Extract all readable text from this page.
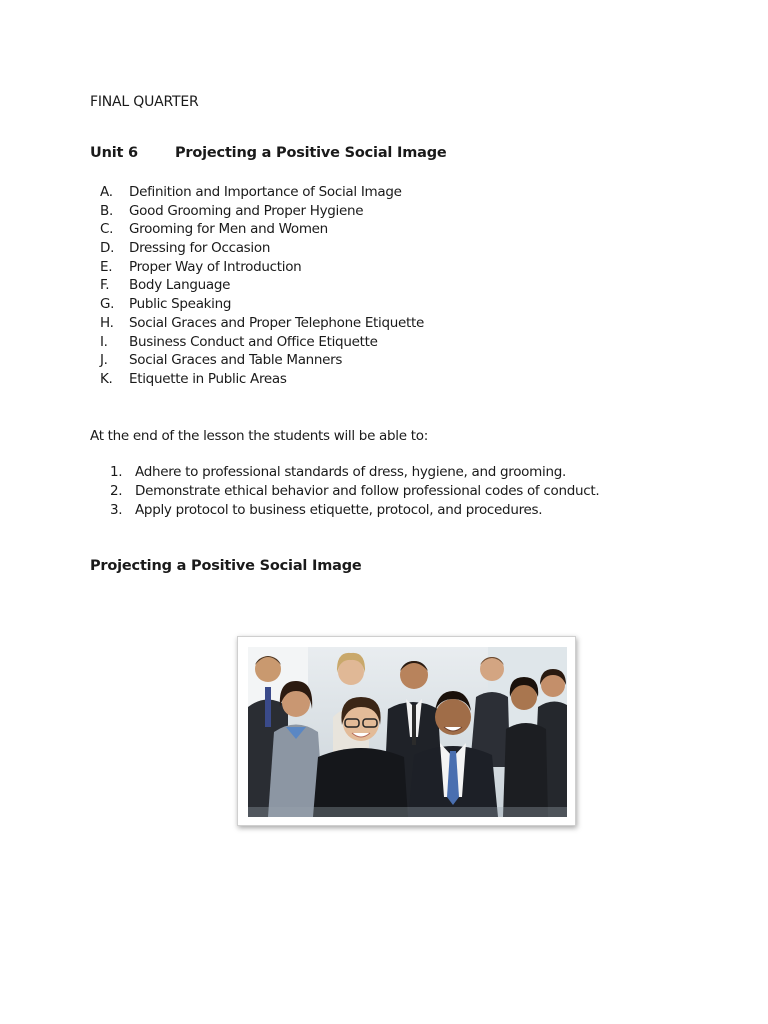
FINAL QUARTER
Unit 6	Projecting a Positive Social Image
A. Definition and Importance of Social Image
B. Good Grooming and Proper Hygiene
C. Grooming for Men and Women
D. Dressing for Occasion
E. Proper Way of Introduction
F. Body Language
G. Public Speaking
H. Social Graces and Proper Telephone Etiquette
I. Business Conduct and Office Etiquette
J. Social Graces and Table Manners
K. Etiquette in Public Areas
At the end of the lesson the students will be able to:
1. Adhere to professional standards of dress, hygiene, and grooming.
2. Demonstrate ethical behavior and follow professional codes of conduct.
3. Apply protocol to business etiquette, protocol, and procedures.
Projecting a Positive Social Image
